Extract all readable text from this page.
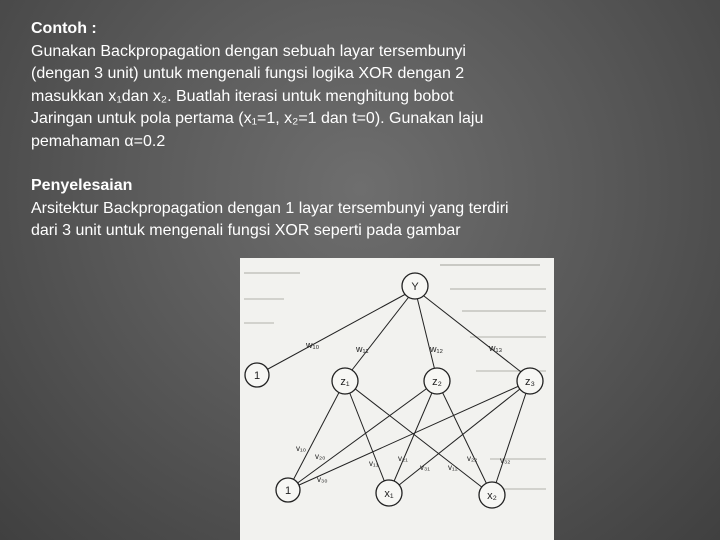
Contoh :

Gunakan Backpropagation dengan sebuah layar tersembunyi

(dengan 3 unit) untuk mengenali fungsi logika XOR dengan 2

masukkan x₁dan x₂. Buatlah iterasi untuk menghitung bobot

Jaringan untuk pola pertama (x₁=1, x₂=1 dan t=0). Gunakan laju

pemahaman α=0.2

Penyelesaian

Arsitektur Backpropagation dengan 1 layar tersembunyi yang terdiri

dari 3 unit untuk mengenali fungsi XOR seperti pada gambar

Y
1	z₁	z₂	z₃
1	x₁	x₂
w₁₀	w₁₁	w₁₂	w₁₃
v₁₀
v₂₀
v₃₀
v₁₁
v₂₁
v₃₁ v₁₂
v₂₂	v₃₂
